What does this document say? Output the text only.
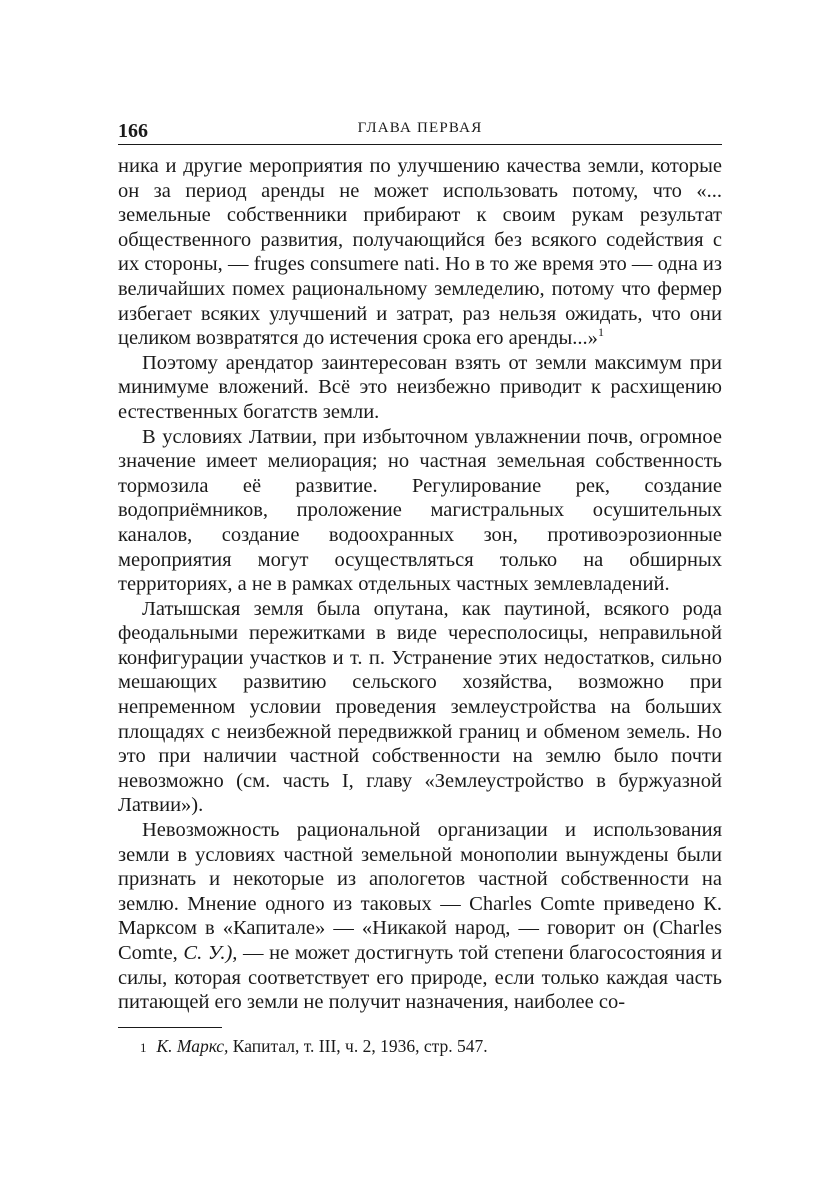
166	ГЛАВА ПЕРВАЯ

ника и другие мероприятия по улучшению качества земли, которые он за период аренды не может использовать потому, что «... земельные собственники прибирают к своим рукам результат общественного развития, получающийся без всякого содействия с их стороны, — fruges consumere nati. Но в то же время это — одна из величайших помех рациональному земледелию, потому что фермер избегает всяких улучшений и затрат, раз нельзя ожидать, что они целиком возвратятся до истечения срока его аренды...»$^1$

Поэтому арендатор заинтересован взять от земли максимум при минимуме вложений. Всё это неизбежно приводит к расхищению естественных богатств земли.

В условиях Латвии, при избыточном увлажнении почв, огромное значение имеет мелиорация; но частная земельная собственность тормозила её развитие. Регулирование рек, создание водоприёмников, проложение магистральных осушительных каналов, создание водоохранных зон, противоэрозионные мероприятия могут осуществляться только на обширных территориях, а не в рамках отдельных частных землевладений.

Латышская земля была опутана, как паутиной, всякого рода феодальными пережитками в виде чересполосицы, неправильной конфигурации участков и т. п. Устранение этих недостатков, сильно мешающих развитию сельского хозяйства, возможно при непременном условии проведения землеустройства на больших площадях с неизбежной передвижкой границ и обменом земель. Но это при наличии частной собственности на землю было почти невозможно (см. часть I, главу «Землеустройство в буржуазной Латвии»).

Невозможность рациональной организации и использования земли в условиях частной земельной монополии вынуждены были признать и некоторые из апологетов частной собственности на землю. Мнение одного из таковых — Charles Comte приведено К. Марксом в «Капитале» — «Никакой народ, — говорит он (Charles Comte, С. У.), — не может достигнуть той степени благосостояния и силы, которая соответствует его природе, если только каждая часть питающей его земли не получит назначения, наиболее со-

1 К. Маркс, Капитал, т. III, ч. 2, 1936, стр. 547.
